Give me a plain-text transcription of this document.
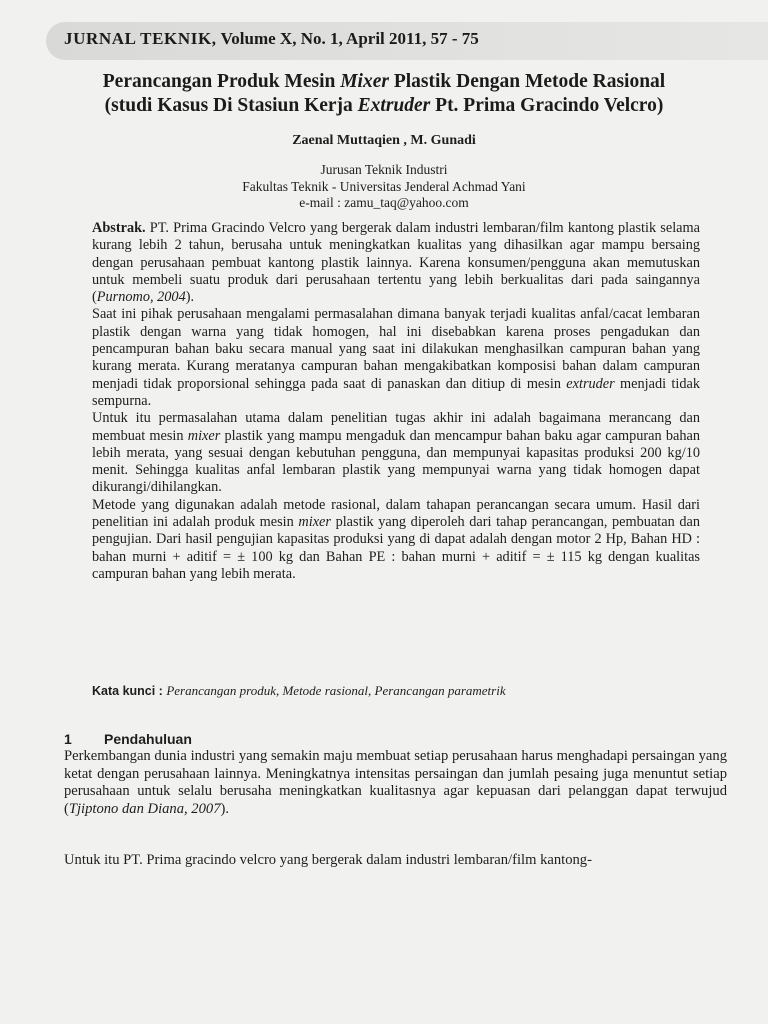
JURNAL TEKNIK, Volume X, No. 1, April 2011, 57 - 75
Perancangan Produk Mesin Mixer Plastik Dengan Metode Rasional
(studi Kasus Di Stasiun Kerja Extruder Pt. Prima Gracindo Velcro)
Zaenal Muttaqien , M. Gunadi
Jurusan Teknik Industri
Fakultas Teknik - Universitas Jenderal Achmad Yani
e-mail : zamu_taq@yahoo.com

Abstrak. PT. Prima Gracindo Velcro yang bergerak dalam industri lembaran/film kantong plastik selama kurang lebih 2 tahun, berusaha untuk meningkatkan kualitas yang dihasilkan agar mampu bersaing dengan perusahaan pembuat kantong plastik lainnya. Karena konsumen/pengguna akan memutuskan untuk membeli suatu produk dari perusahaan tertentu yang lebih berkualitas dari pada saingannya (Purnomo, 2004).

Saat ini pihak perusahaan mengalami permasalahan dimana banyak terjadi kualitas anfal/cacat lembaran plastik dengan warna yang tidak homogen, hal ini disebabkan karena proses pengadukan dan pencampuran bahan baku secara manual yang saat ini dilakukan menghasilkan campuran bahan yang kurang merata. Kurang meratanya campuran bahan mengakibatkan komposisi bahan dalam campuran menjadi tidak proporsional sehingga pada saat di panaskan dan ditiup di mesin extruder menjadi tidak sempurna.

Untuk itu permasalahan utama dalam penelitian tugas akhir ini adalah bagaimana merancang dan membuat mesin mixer plastik yang mampu mengaduk dan mencampur bahan baku agar campuran bahan lebih merata, yang sesuai dengan kebutuhan pengguna, dan mempunyai kapasitas produksi 200 kg/10 menit. Sehingga kualitas anfal lembaran plastik yang mempunyai warna yang tidak homogen dapat dikurangi/dihilangkan.

Metode yang digunakan adalah metode rasional, dalam tahapan perancangan secara umum. Hasil dari penelitian ini adalah produk mesin mixer plastik yang diperoleh dari tahap perancangan, pembuatan dan pengujian. Dari hasil pengujian kapasitas produksi yang di dapat adalah dengan motor 2 Hp, Bahan HD : bahan murni + aditif = ± 100 kg dan Bahan PE : bahan murni + aditif = ± 115 kg dengan kualitas campuran bahan yang lebih merata.

Kata kunci : Perancangan produk, Metode rasional, Perancangan parametrik
1 Pendahuluan

Perkembangan dunia industri yang semakin maju membuat setiap perusahaan harus menghadapi persaingan yang ketat dengan perusahaan lainnya. Meningkatnya intensitas persaingan dan jumlah pesaing juga menuntut setiap perusahaan untuk selalu berusaha meningkatkan kualitasnya agar kepuasan dari pelanggan dapat terwujud (Tjiptono dan Diana, 2007).

Untuk itu PT. Prima gracindo velcro yang bergerak dalam industri lembaran/film kantong-
